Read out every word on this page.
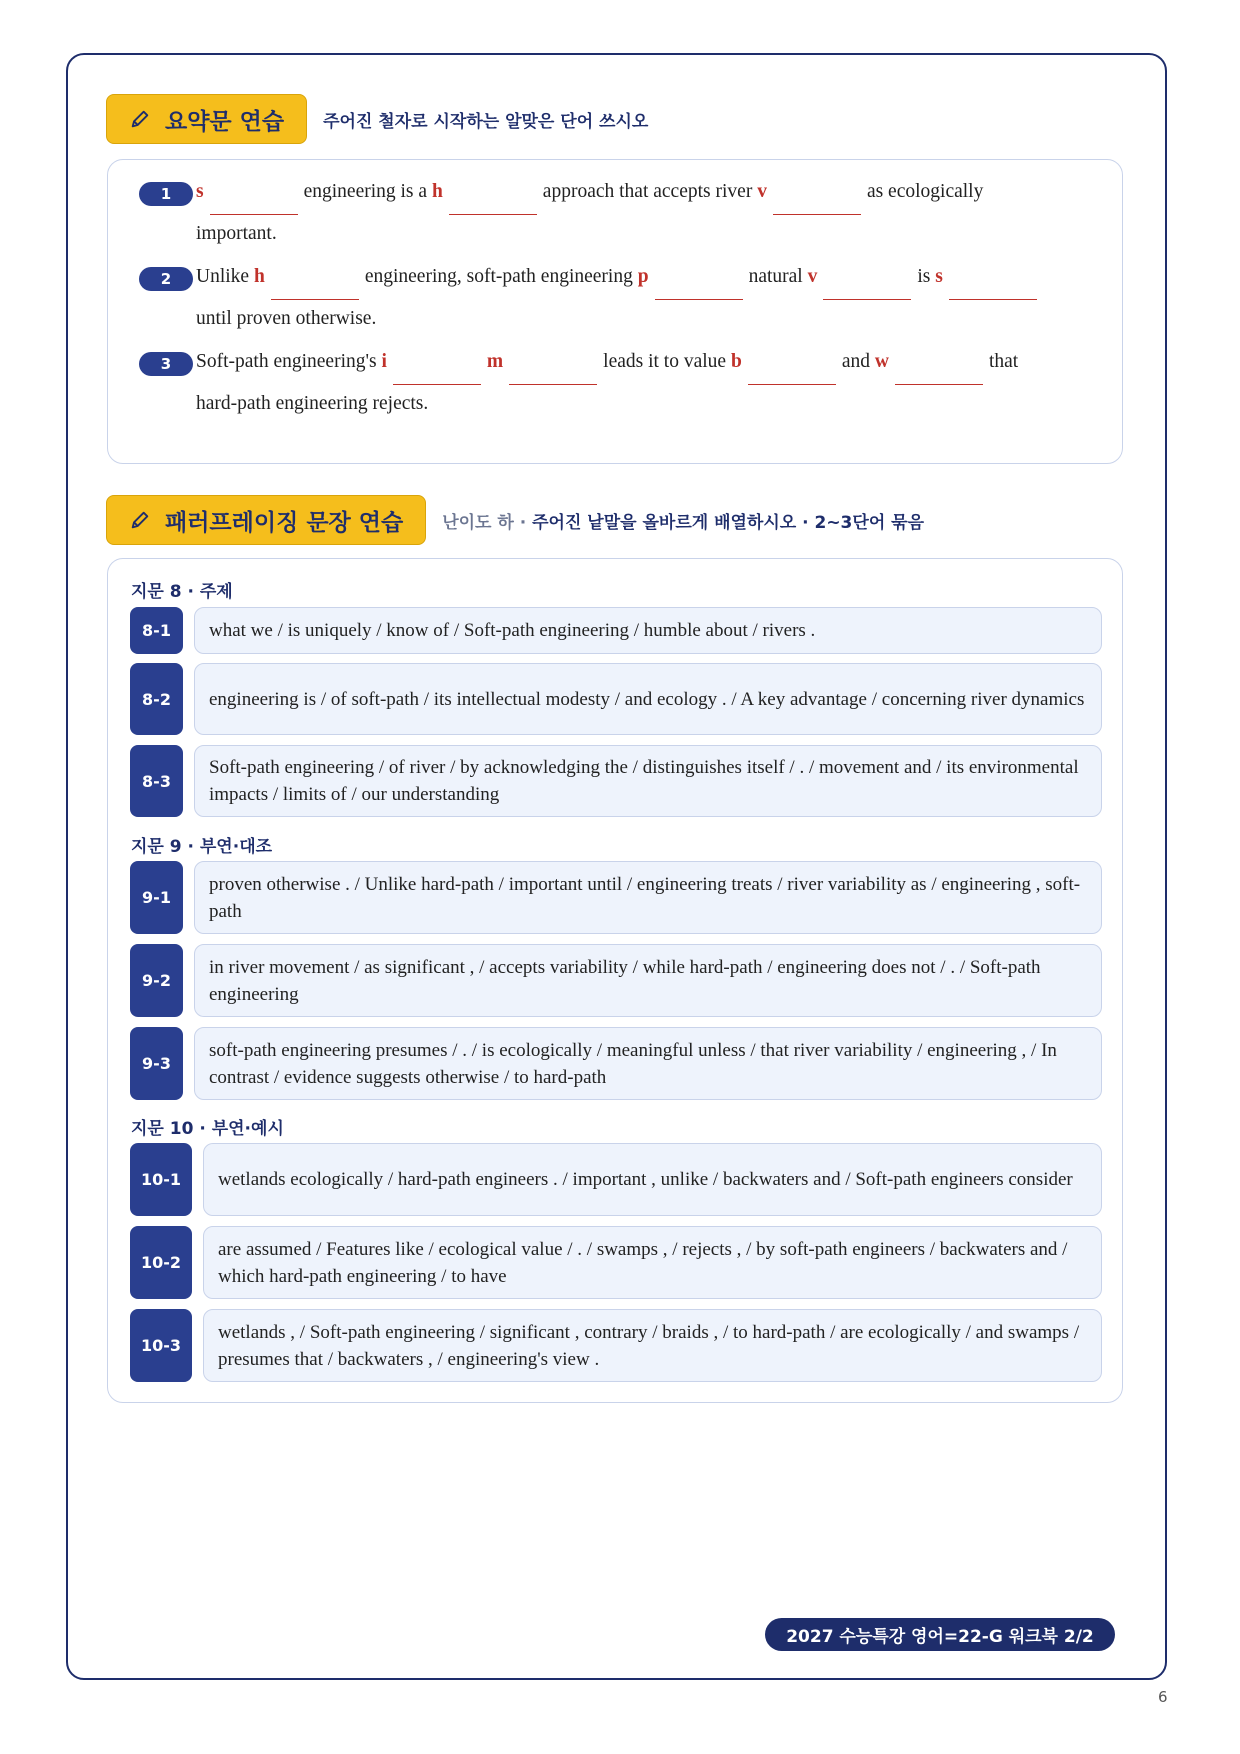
요약문 연습 주어진 철자로 시작하는 알맞은 단어 쓰시오
1	s	engineering is a
h	approach that accepts river
v	as ecologically
important.
2	Unlike
h	engineering, soft-path engineering
p	natural
v	is
s
until proven otherwise.
3	Soft-path engineering's
i	m	leads it to value
b	and
w	that
hard-path engineering rejects.
패러프레이징 문장 연습 난이도 하 · 주어진 낱말을 올바르게 배열하시오 · 2~3단어 묶음
지문 8 · 주제
8-1	what we / is uniquely / know of / Soft-path engineering / humble about / rivers .
8-2	engineering is / of soft-path / its intellectual modesty / and ecology . / A key advantage / concerning river dynamics
8-3
Soft-path engineering / of river / by acknowledging the / distinguishes itself / . / movement and / its environmental impacts / limits of / our understanding
지문 9 · 부연·대조
9-1
proven otherwise . / Unlike hard-path / important until / engineering treats / river variability as / engineering , soft-path
9-2
in river movement / as significant , / accepts variability / while hard-path / engineering does not / . / Soft-path engineering
9-3
soft-path engineering presumes / . / is ecologically / meaningful unless / that river variability / engineering , / In contrast / evidence suggests otherwise / to hard-path
지문 10 · 부연·예시
10-1	wetlands ecologically / hard-path engineers . / important , unlike / backwaters and / Soft-path engineers consider
10-2
are assumed / Features like / ecological value / . / swamps , / rejects , / by soft-path engineers / backwaters and / which hard-path engineering / to have
10-3
wetlands , / Soft-path engineering / significant , contrary / braids , / to hard-path / are ecologically / and swamps / presumes that / backwaters , / engineering's view .
2027 수능특강 영어=22-G 워크북 2/2
6
